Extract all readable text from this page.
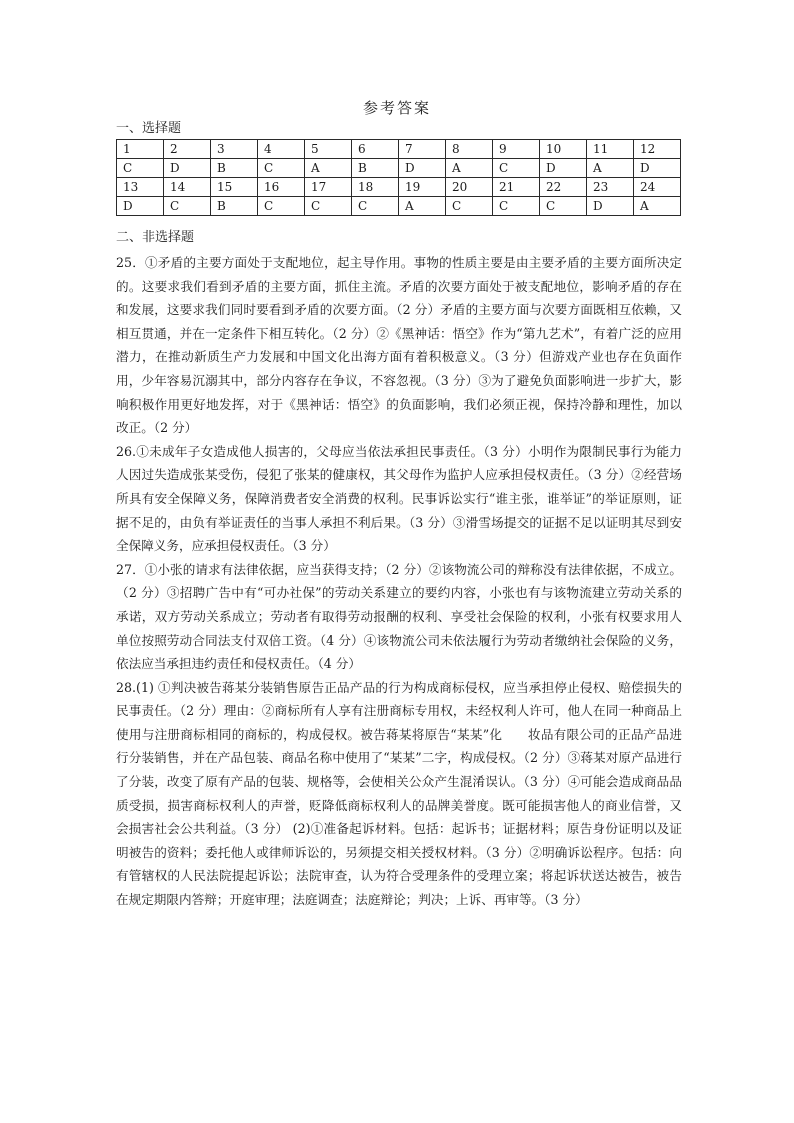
参考答案
一、选择题
1	2	3	4	5	6	7	8	9	10	11	12
C	D	B	C	A	B	D	A	C	D	A	D
13	14	15	16	17	18	19	20	21	22	23	24
D	C	B	C	C	C	A	C	C	C	D	A
二、非选择题

25．①矛盾的主要方面处于支配地位，起主导作用。事物的性质主要是由主要矛盾的主要方面所决定的。这要求我们看到矛盾的主要方面，抓住主流。矛盾的次要方面处于被支配地位，影响矛盾的存在和发展，这要求我们同时要看到矛盾的次要方面。（2 分）矛盾的主要方面与次要方面既相互依赖，又相互贯通，并在一定条件下相互转化。（2 分）②《黑神话：悟空》作为“第九艺术”，有着广泛的应用潜力，在推动新质生产力发展和中国文化出海方面有着积极意义。（3 分）但游戏产业也存在负面作用，少年容易沉溺其中，部分内容存在争议，不容忽视。（3 分）③为了避免负面影响进一步扩大，影响积极作用更好地发挥，对于《黑神话：悟空》的负面影响，我们必须正视，保持冷静和理性，加以改正。（2 分）

26.①未成年子女造成他人损害的，父母应当依法承担民事责任。（3 分）小明作为限制民事行为能力人因过失造成张某受伤，侵犯了张某的健康权，其父母作为监护人应承担侵权责任。（3 分）②经营场所具有安全保障义务，保障消费者安全消费的权利。民事诉讼实行“谁主张，谁举证”的举证原则，证据不足的，由负有举证责任的当事人承担不利后果。（3 分）③滑雪场提交的证据不足以证明其尽到安全保障义务，应承担侵权责任。（3 分）

27．①小张的请求有法律依据，应当获得支持；（2 分）②该物流公司的辩称没有法律依据，不成立。（2 分）③招聘广告中有“可办社保”的劳动关系建立的要约内容，小张也有与该物流建立劳动关系的承诺，双方劳动关系成立；劳动者有取得劳动报酬的权利、享受社会保险的权利，小张有权要求用人单位按照劳动合同法支付双倍工资。（4 分）④该物流公司未依法履行为劳动者缴纳社会保险的义务，依法应当承担违约责任和侵权责任。（4 分）

28.(1) ①判决被告蒋某分装销售原告正品产品的行为构成商标侵权，应当承担停止侵权、赔偿损失的民事责任。（2 分）理由：②商标所有人享有注册商标专用权，未经权利人许可，他人在同一种商品上使用与注册商标相同的商标的，构成侵权。被告蒋某将原告“某某”化　　妆品有限公司的正品产品进行分装销售，并在产品包装、商品名称中使用了“某某”二字，构成侵权。（2 分）③蒋某对原产品进行了分装，改变了原有产品的包装、规格等，会使相关公众产生混淆误认。（3 分）④可能会造成商品品质受损，损害商标权利人的声誉，贬降低商标权利人的品牌美誉度。既可能损害他人的商业信誉，又会损害社会公共利益。（3 分） (2)①准备起诉材料。包括：起诉书；证据材料；原告身份证明以及证明被告的资料；委托他人或律师诉讼的，另须提交相关授权材料。（3 分）②明确诉讼程序。包括：向有管辖权的人民法院提起诉讼；法院审查，认为符合受理条件的受理立案；将起诉状送达被告，被告在规定期限内答辩；开庭审理；法庭调查；法庭辩论；判决；上诉、再审等。（3 分）
